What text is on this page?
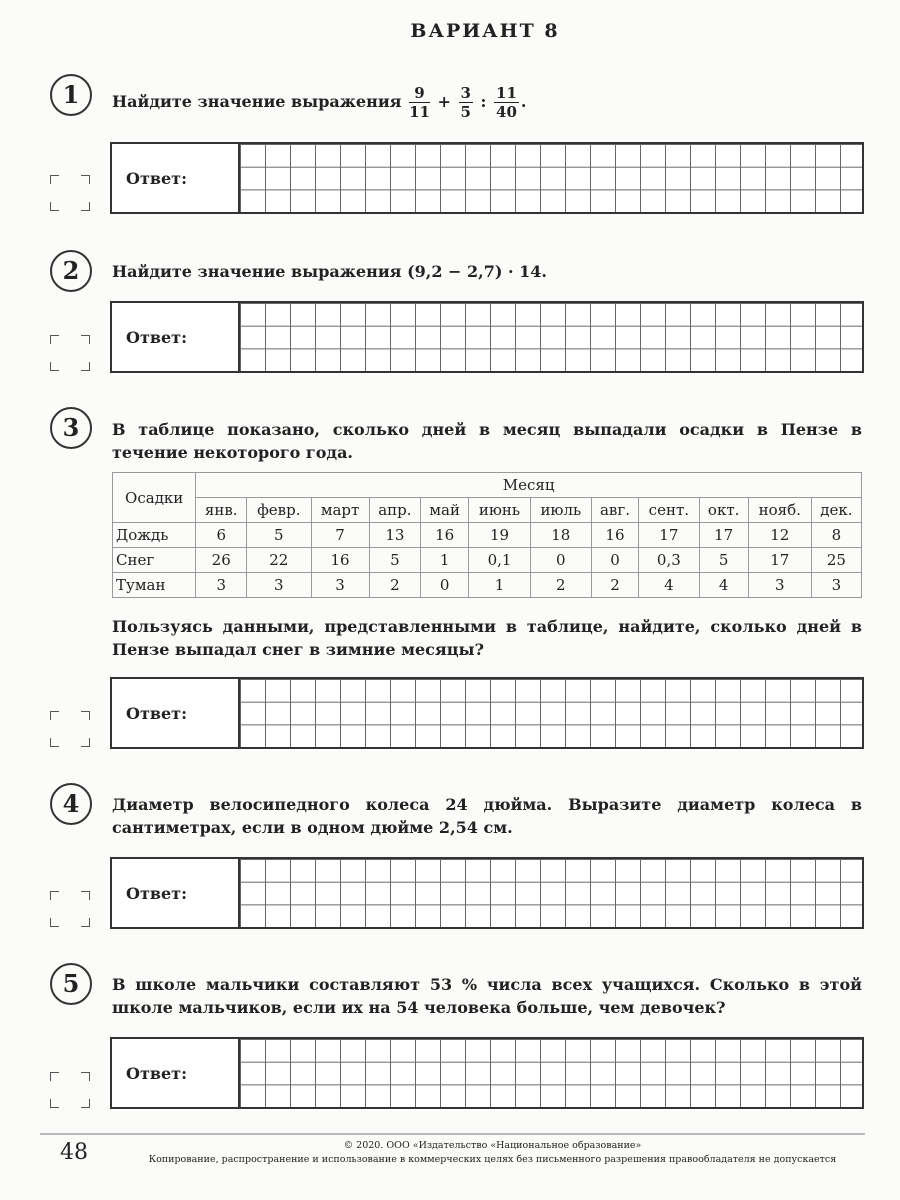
ВАРИАНТ 8
1	Найдите значение выражения $\frac{9}{11} + \frac{3}{5}$ : $\frac{11}{40}$ .
Ответ:
2	Найдите значение выражения (9,2 − 2,7) · 14.
Ответ:
3	В таблице показано, сколько дней в месяц выпадали осадки в Пензе в течение некоторого года.
Осадки	Месяц											
	янв.	февр.	март	апр.	май	июнь	июль	авг.	сент.	окт.	нояб.	дек.
Дождь	6	5	7	13	16	19	18	16	17	17	12	8
Снег	26	22	16	5	1	0,1	0	0	0,3	5	17	25
Туман	3	3	3	2	0	1	2	2	4	4	3	3
Пользуясь данными, представленными в таблице, найдите, сколько дней в Пензе выпадал снег в зимние месяцы?
Ответ:
4	Диаметр велосипедного колеса 24 дюйма. Выразите диаметр колеса в сантиметрах, если в одном дюйме 2,54 см.
Ответ:
5	В школе мальчики составляют 53 % числа всех учащихся. Сколько в этой школе мальчиков, если их на 54 человека больше, чем девочек?
Ответ:
48	© 2020. ООО «Издательство «Национальное образование»
Копирование, распространение и использование в коммерческих целях без письменного разрешения правообладателя не допускается
